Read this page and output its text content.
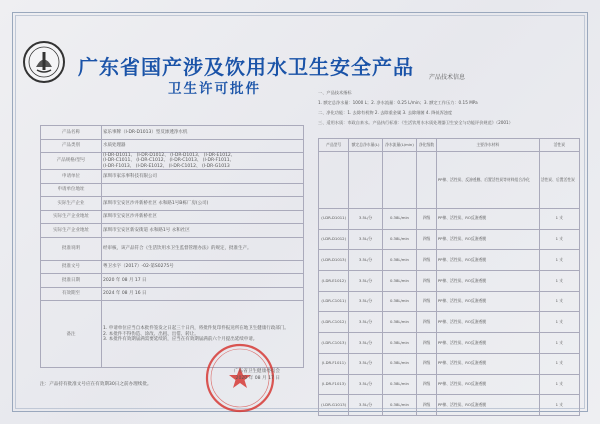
广东省国产涉及饮用水卫生安全产品
卫生许可批件
产品名称	家乐事牌（I-DR-D1013）型反渗透净水机
产品类别	水质处理器
产品规格/型号	(I-DR-D1011、 (I-DR-D1012、 (I-DR-D1013、 (I-DR-E1012、
(I-DR-C1011、 (I-DR-C1012、 (I-DR-C1013、 (I-DR-F1011、
(I-DR-F1013、 (I-DR-E1012、 (I-DR-C1012、 (I-DR-G1013
申请单位	深圳市家乐事科技有限公司
申请单位地址	
实际生产企业	深圳市宝安区沙井新桥社区 永和路1号B栋厂房(公司)
实际生产企业地址	深圳市宝安区沙井新桥社区
实际生产企业地址	深圳市宝安区新安街道 永和路1号 永和社区
批准说明	经审核，该产品符合《生活饮用水卫生监督管理办法》的规定，批准生产。
批准文号	粤卫水字（2017）-02-第S0275号
批准日期	2020 年 08 月 17 日
有效期至	2024 年 08 月 16 日
备注	1. 申请单位应当自本批件签发之日起三十日内，将批件复印件报送所在地卫生健康行政部门。
2. 本批件不得伪造、涂改、出租、出借、转让。
3. 本批件有效期届满需要延续的，应当在有效期届满前六个月提出延续申请。
注：产品持有批准文号应在有效期30日之前办理续批。
广东省卫生健康委员会
2020 年 08 月 17 日
产品技术信息
一、产品技术指标
1. 额定总净水量：1000 L；2. 净水流量：0.25 L/min；3. 额定工作压力：0.15 MPa
二、净化功能：1. 去除有机物 2. 去除重金属 3. 去除细菌 4. 降低浑浊度
三、适用水质：市政自来水。产品执行标准：《生活饮用水水质处理器卫生安全与功能评价规范》（2001）
产品型号	额定总净水量(L)	净水流量(L/min)	净化级数	主要净水材料	活性炭
				PP棉、活性炭、反渗透膜、后置活性炭等材料组合净化	活性炭、后置活性炭
(I-DR-D1011)	3.5L/分	0.38L/min	四级	PP棉、活性炭、RO反渗透膜	1 支
(I-DR-D1012)	3.5L/分	0.38L/min	四级	PP棉、活性炭、RO反渗透膜	1 支
(I-DR-D1013)	3.5L/分	0.38L/min	四级	PP棉、活性炭、RO反渗透膜	1 支
(I-DR-E1012)	3.5L/分	0.38L/min	四级	PP棉、活性炭、RO反渗透膜	1 支
(I-DR-C1011)	3.5L/分	0.38L/min	四级	PP棉、活性炭、RO反渗透膜	1 支
(I-DR-C1012)	3.5L/分	0.38L/min	四级	PP棉、活性炭、RO反渗透膜	1 支
(I-DR-C1013)	3.5L/分	0.38L/min	四级	PP棉、活性炭、RO反渗透膜	1 支
(I-DR-F1011)	3.5L/分	0.38L/min	四级	PP棉、活性炭、RO反渗透膜	1 支
(I-DR-F1013)	3.5L/分	0.38L/min	四级	PP棉、活性炭、RO反渗透膜	1 支
(I-DR-G1013)	3.5L/分	0.38L/min	四级	PP棉、活性炭、RO反渗透膜	1 支
